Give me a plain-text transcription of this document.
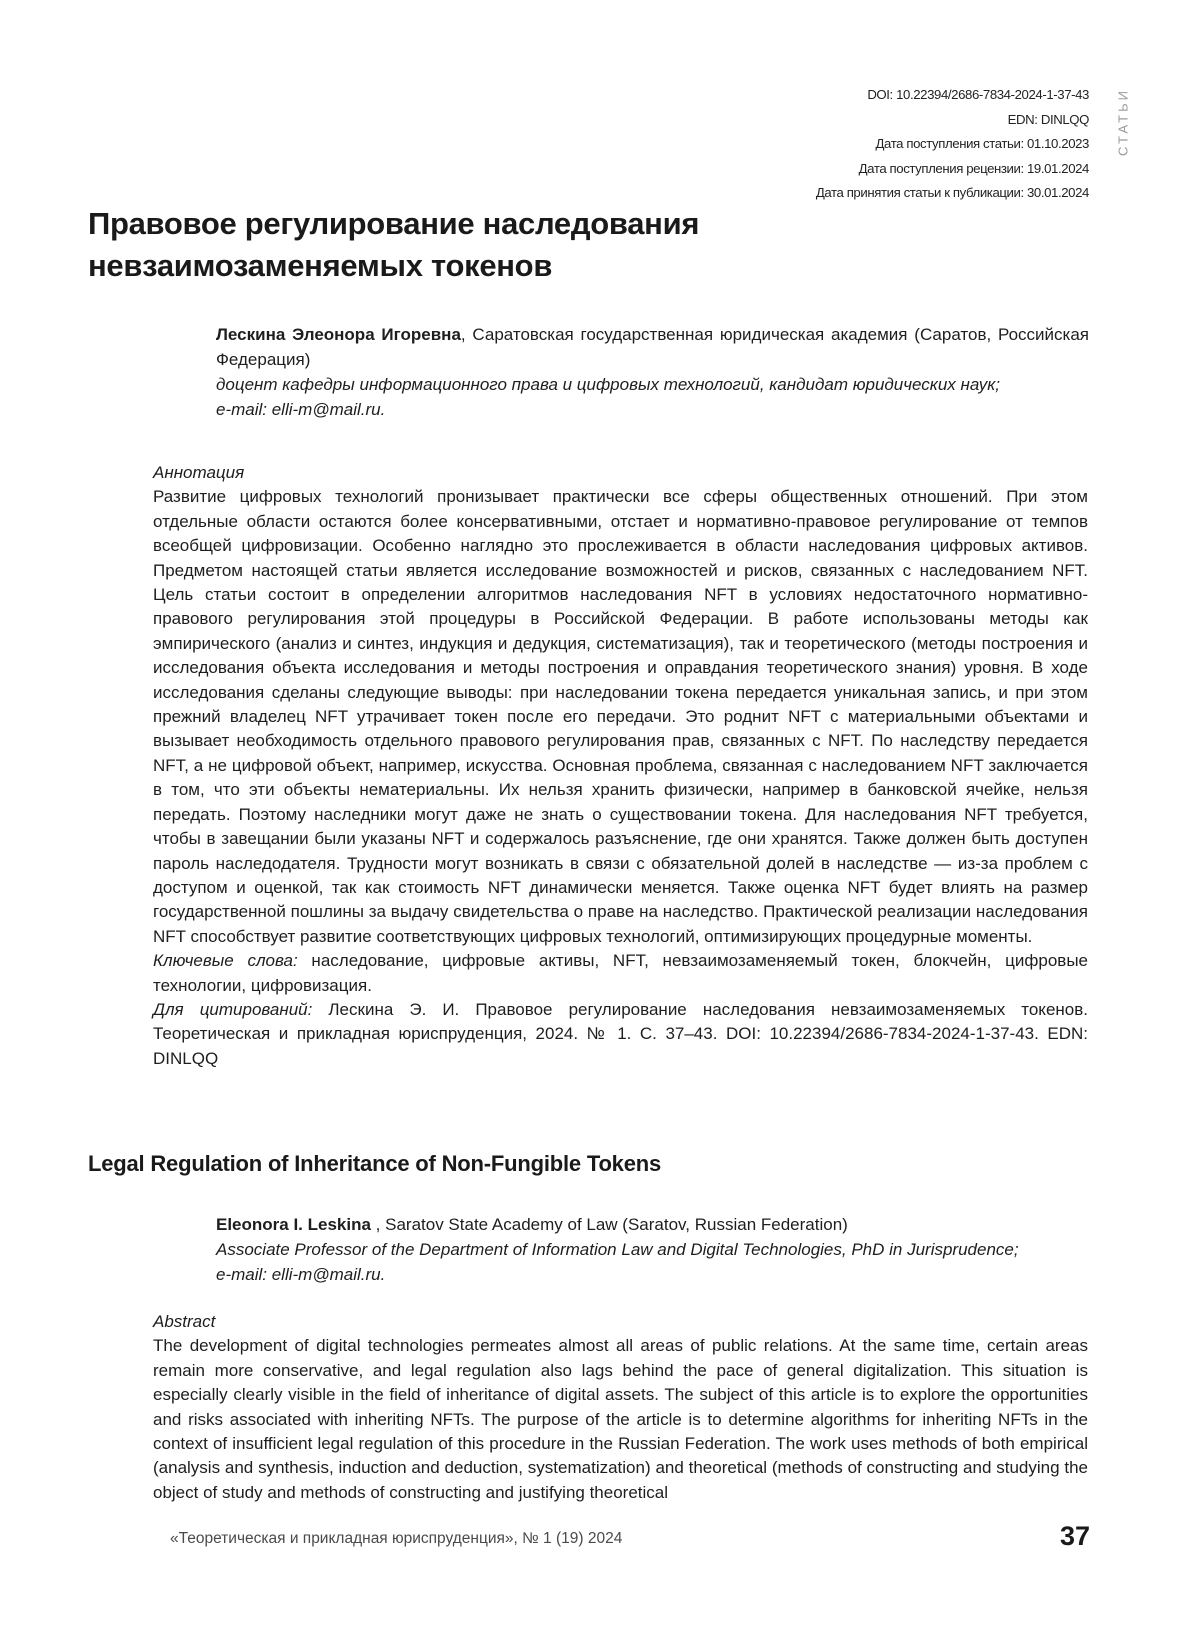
DOI: 10.22394/2686-7834-2024-1-37-43
EDN: DINLQQ
Дата поступления статьи: 01.10.2023
Дата поступления рецензии: 19.01.2024
Дата принятия статьи к публикации: 30.01.2024
СТАТЬИ
Правовое регулирование наследования невзаимозаменяемых токенов
Лескина Элеонора Игоревна, Саратовская государственная юридическая академия (Саратов, Российская Федерация)
доцент кафедры информационного права и цифровых технологий, кандидат юридических наук;
e-mail: elli-m@mail.ru.

Аннотация

Развитие цифровых технологий пронизывает практически все сферы общественных отношений. При этом отдельные области остаются более консервативными, отстает и нормативно-правовое регулирование от темпов всеобщей цифровизации. Особенно наглядно это прослеживается в области наследования цифровых активов. Предметом настоящей статьи является исследование возможностей и рисков, связанных с наследованием NFT. Цель статьи состоит в определении алгоритмов наследования NFT в условиях недостаточного нормативно-правового регулирования этой процедуры в Российской Федерации. В работе использованы методы как эмпирического (анализ и синтез, индукция и дедукция, систематизация), так и теоретического (методы построения и исследования объекта исследования и методы построения и оправдания теоретического знания) уровня. В ходе исследования сделаны следующие выводы: при наследовании токена передается уникальная запись, и при этом прежний владелец NFT утрачивает токен после его передачи. Это роднит NFT с материальными объектами и вызывает необходимость отдельного правового регулирования прав, связанных с NFT. По наследству передается NFT, а не цифровой объект, например, искусства. Основная проблема, связанная с наследованием NFT заключается в том, что эти объекты нематериальны. Их нельзя хранить физически, например в банковской ячейке, нельзя передать. Поэтому наследники могут даже не знать о существовании токена. Для наследования NFT требуется, чтобы в завещании были указаны NFT и содержалось разъяснение, где они хранятся. Также должен быть доступен пароль наследодателя. Трудности могут возникать в связи с обязательной долей в наследстве — из-за проблем с доступом и оценкой, так как стоимость NFT динамически меняется. Также оценка NFT будет влиять на размер государственной пошлины за выдачу свидетельства о праве на наследство. Практической реализации наследования NFT способствует развитие соответствующих цифровых технологий, оптимизирующих процедурные моменты.

Ключевые слова: наследование, цифровые активы, NFT, невзаимозаменяемый токен, блокчейн, цифровые технологии, цифровизация.

Для цитирований: Лескина Э. И. Правовое регулирование наследования невзаимозаменяемых токенов. Теоретическая и прикладная юриспруденция, 2024. № 1. С. 37–43. DOI: 10.22394/2686-7834-2024-1-37-43. EDN: DINLQQ

Legal Regulation of Inheritance of Non-Fungible Tokens
Eleonora I. Leskina , Saratov State Academy of Law (Saratov, Russian Federation)
Associate Professor of the Department of Information Law and Digital Technologies, PhD in Jurisprudence;
e-mail: elli-m@mail.ru.

Abstract

The development of digital technologies permeates almost all areas of public relations. At the same time, certain areas remain more conservative, and legal regulation also lags behind the pace of general digitalization. This situation is especially clearly visible in the field of inheritance of digital assets. The subject of this article is to explore the opportunities and risks associated with inheriting NFTs. The purpose of the article is to determine algorithms for inheriting NFTs in the context of insufficient legal regulation of this procedure in the Russian Federation. The work uses methods of both empirical (analysis and synthesis, induction and deduction, systematization) and theoretical (methods of constructing and studying the object of study and methods of constructing and justifying theoretical

«Теоретическая и прикладная юриспруденция», № 1 (19) 2024	37
